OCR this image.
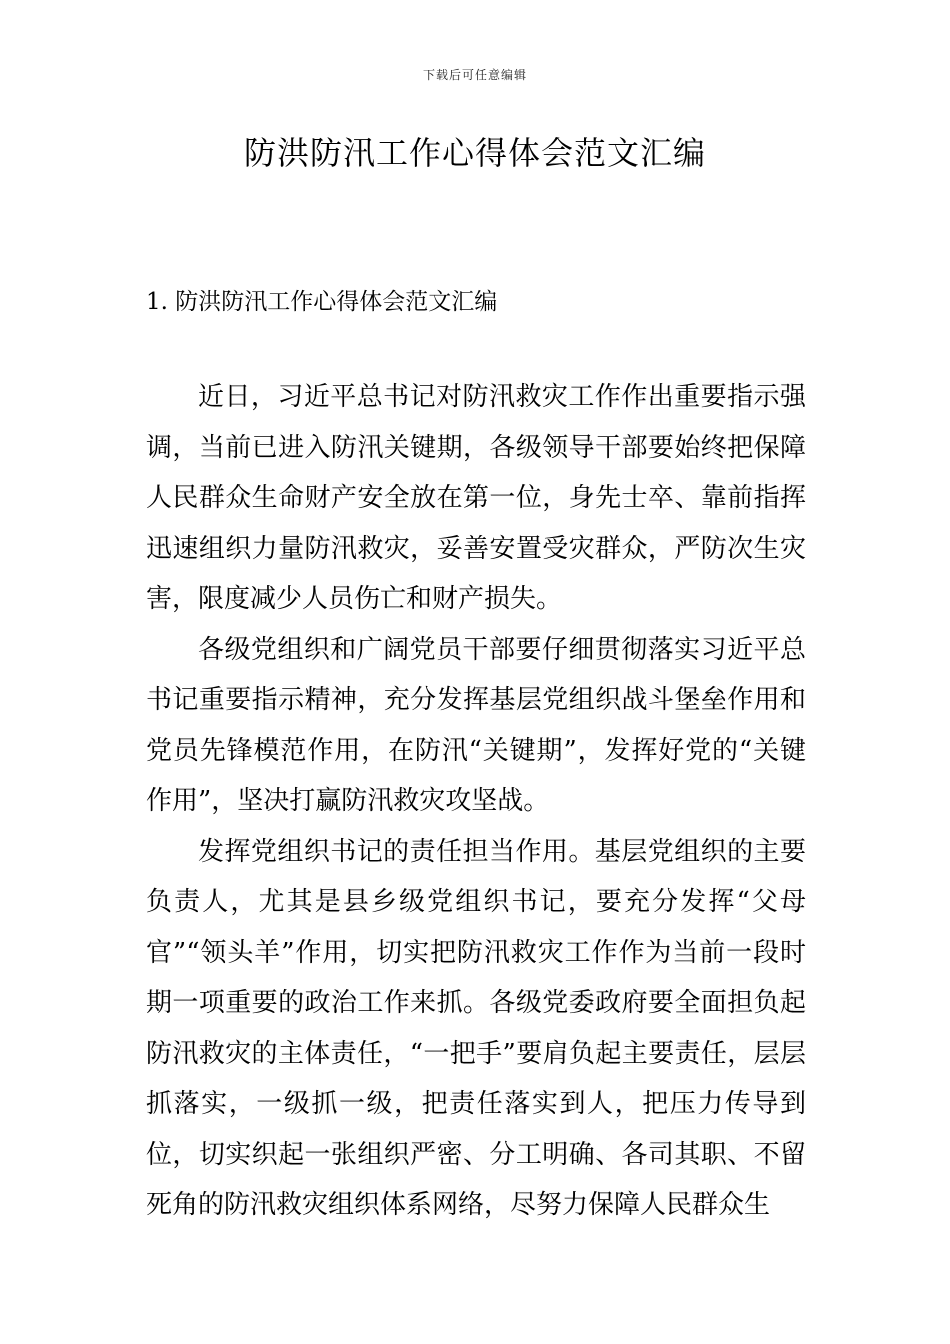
下载后可任意编辑
防洪防汛工作心得体会范文汇编
1. 防洪防汛工作心得体会范文汇编

近日，习近平总书记对防汛救灾工作作出重要指示强调，当前已进入防汛关键期，各级领导干部要始终把保障人民群众生命财产安全放在第一位，身先士卒、靠前指挥迅速组织力量防汛救灾，妥善安置受灾群众，严防次生灾害，限度减少人员伤亡和财产损失。

各级党组织和广阔党员干部要仔细贯彻落实习近平总书记重要指示精神，充分发挥基层党组织战斗堡垒作用和党员先锋模范作用，在防汛“关键期”，发挥好党的“关键作用”，坚决打赢防汛救灾攻坚战。

发挥党组织书记的责任担当作用。基层党组织的主要负责人，尤其是县乡级党组织书记，要充分发挥“父母官”“领头羊”作用，切实把防汛救灾工作作为当前一段时期一项重要的政治工作来抓。各级党委政府要全面担负起防汛救灾的主体责任，“一把手”要肩负起主要责任，层层抓落实，一级抓一级，把责任落实到人，把压力传导到位，切实织起一张组织严密、分工明确、各司其职、不留死角的防汛救灾组织体系网络，尽努力保障人民群众生
